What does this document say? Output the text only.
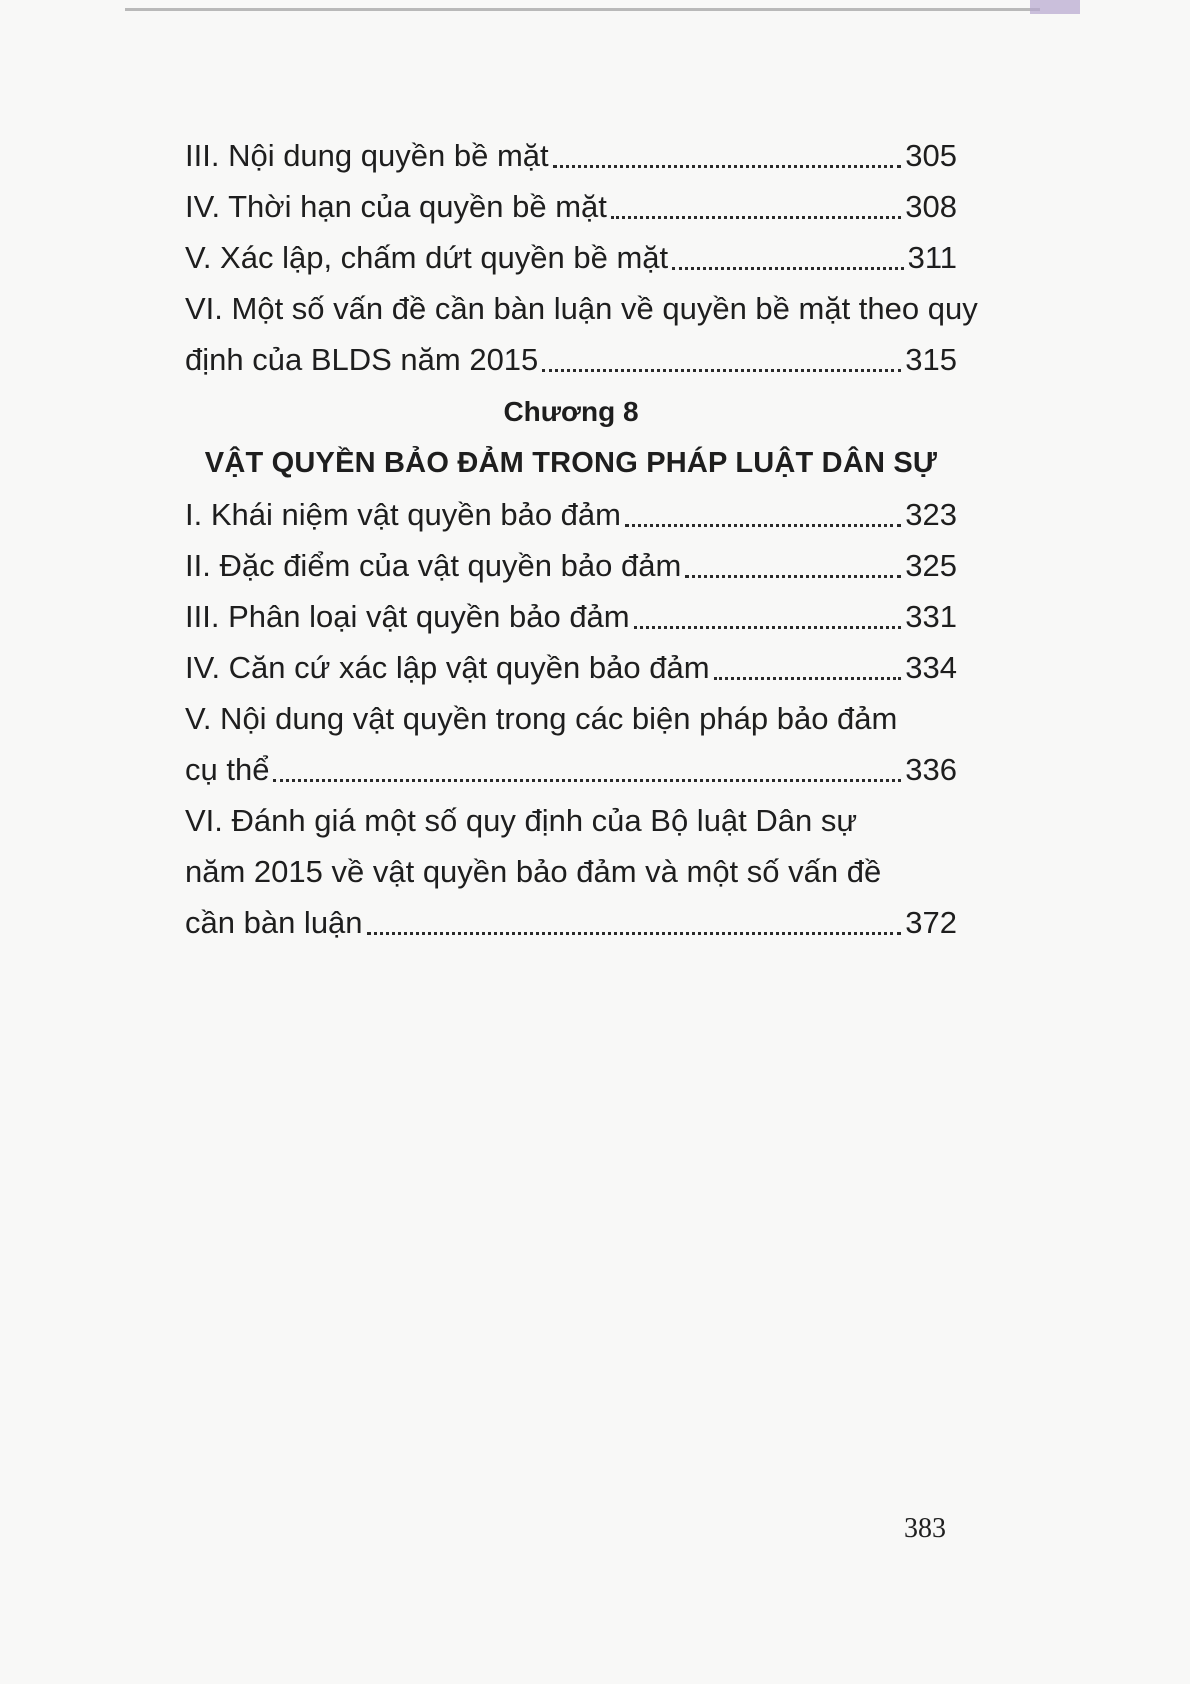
III. Nội dung quyền bề mặt	305
IV. Thời hạn của quyền bề mặt	308
V. Xác lập, chấm dứt quyền bề mặt	311
VI. Một số vấn đề cần bàn luận về quyền bề mặt theo quy
định của BLDS năm 2015	315
Chương 8
VẬT QUYỀN BẢO ĐẢM TRONG PHÁP LUẬT DÂN SỰ
I. Khái niệm vật quyền bảo đảm	323
II. Đặc điểm của vật quyền bảo đảm	325
III. Phân loại vật quyền bảo đảm	331
IV. Căn cứ xác lập vật quyền bảo đảm	334
V. Nội dung vật quyền trong các biện pháp bảo đảm
cụ thể	336
VI. Đánh giá một số quy định của Bộ luật Dân sự
năm 2015 về vật quyền bảo đảm và một số vấn đề
cần bàn luận	372
383
